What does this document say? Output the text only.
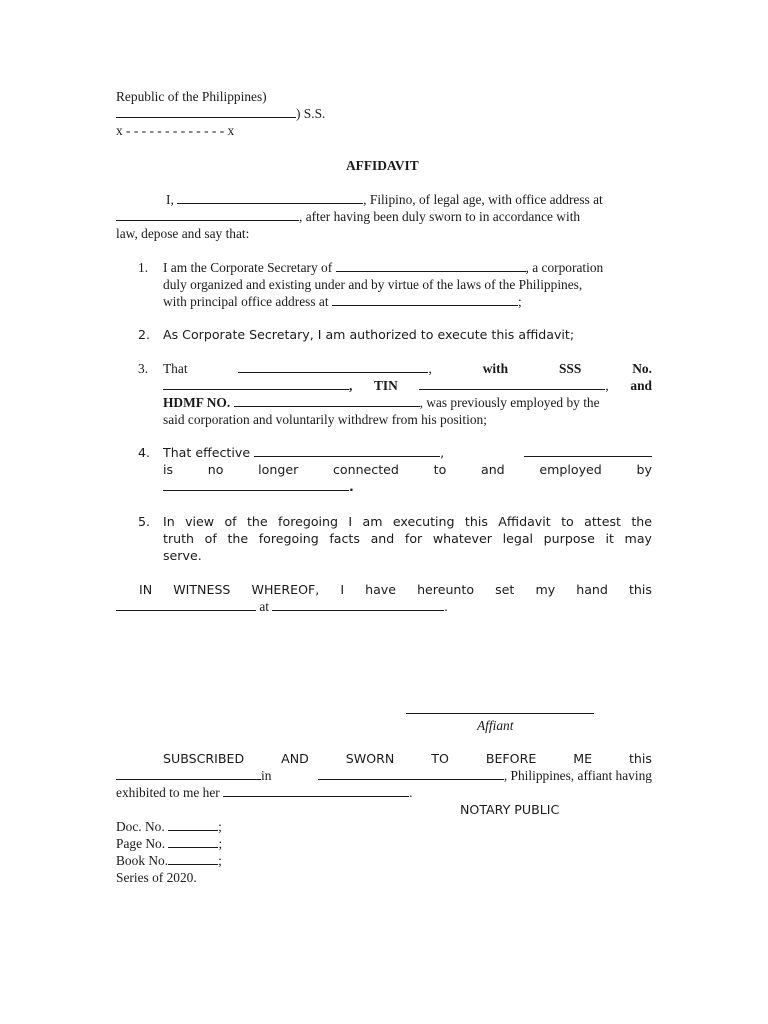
Republic of the Philippines)
) S.S.
x - - - - - - - - - - - - - x
AFFIDAVIT
I,	, Filipino, of legal age, with office address at
, after having been duly sworn to in accordance with
law, depose and say that:
1. I am the Corporate Secretary of	, a corporation
duly organized and existing under and by virtue of the laws of the Philippines,
with principal office address at	;
2. As Corporate Secretary, I am authorized to execute this affidavit;
3. That	,	with	SSS	No.
, TIN	, and
HDMF NO.	, was previously employed by the
said corporation and voluntarily withdrew from his position;
4. That effective	,
is	no	longer	connected	to	and	employed	by
.
5. In view of the foregoing I am executing this Affidavit to attest the
truth of the foregoing facts and for whatever legal purpose it may
serve.
IN WITNESS WHEREOF, I have hereunto set my hand this
at	.
Affiant
SUBSCRIBED	AND	SWORN	TO	BEFORE	ME	this
in	, Philippines, affiant having
exhibited to me her	.
NOTARY PUBLIC
Doc. No.	;
Page No.	;
Book No.	;
Series of 2020.
